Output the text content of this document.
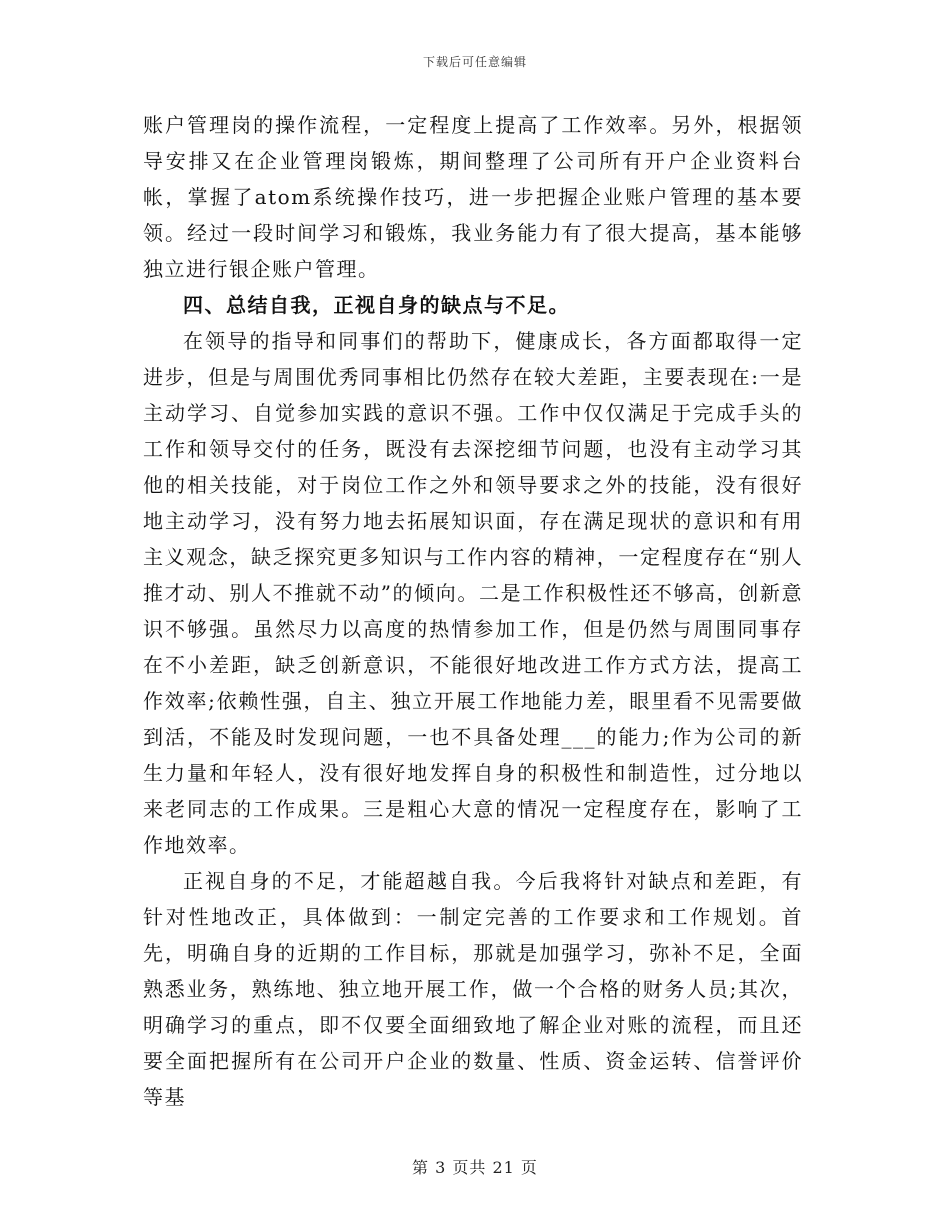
下载后可任意编辑

账户管理岗的操作流程，一定程度上提高了工作效率。另外，根据领导安排又在企业管理岗锻炼，期间整理了公司所有开户企业资料台帐，掌握了atom系统操作技巧，进一步把握企业账户管理的基本要领。经过一段时间学习和锻炼，我业务能力有了很大提高，基本能够独立进行银企账户管理。

四、总结自我，正视自身的缺点与不足。

在领导的指导和同事们的帮助下，健康成长，各方面都取得一定进步，但是与周围优秀同事相比仍然存在较大差距，主要表现在:一是主动学习、自觉参加实践的意识不强。工作中仅仅满足于完成手头的工作和领导交付的任务，既没有去深挖细节问题，也没有主动学习其他的相关技能，对于岗位工作之外和领导要求之外的技能，没有很好地主动学习，没有努力地去拓展知识面，存在满足现状的意识和有用主义观念，缺乏探究更多知识与工作内容的精神，一定程度存在“别人推才动、别人不推就不动”的倾向。二是工作积极性还不够高，创新意识不够强。虽然尽力以高度的热情参加工作，但是仍然与周围同事存在不小差距，缺乏创新意识，不能很好地改进工作方式方法，提高工作效率;依赖性强，自主、独立开展工作地能力差，眼里看不见需要做到活，不能及时发现问题，一也不具备处理___的能力;作为公司的新生力量和年轻人，没有很好地发挥自身的积极性和制造性，过分地以来老同志的工作成果。三是粗心大意的情况一定程度存在，影响了工作地效率。

正视自身的不足，才能超越自我。今后我将针对缺点和差距，有针对性地改正，具体做到：一制定完善的工作要求和工作规划。首先，明确自身的近期的工作目标，那就是加强学习，弥补不足，全面熟悉业务，熟练地、独立地开展工作，做一个合格的财务人员;其次，明确学习的重点，即不仅要全面细致地了解企业对账的流程，而且还要全面把握所有在公司开户企业的数量、性质、资金运转、信誉评价等基

第 3 页共 21 页
